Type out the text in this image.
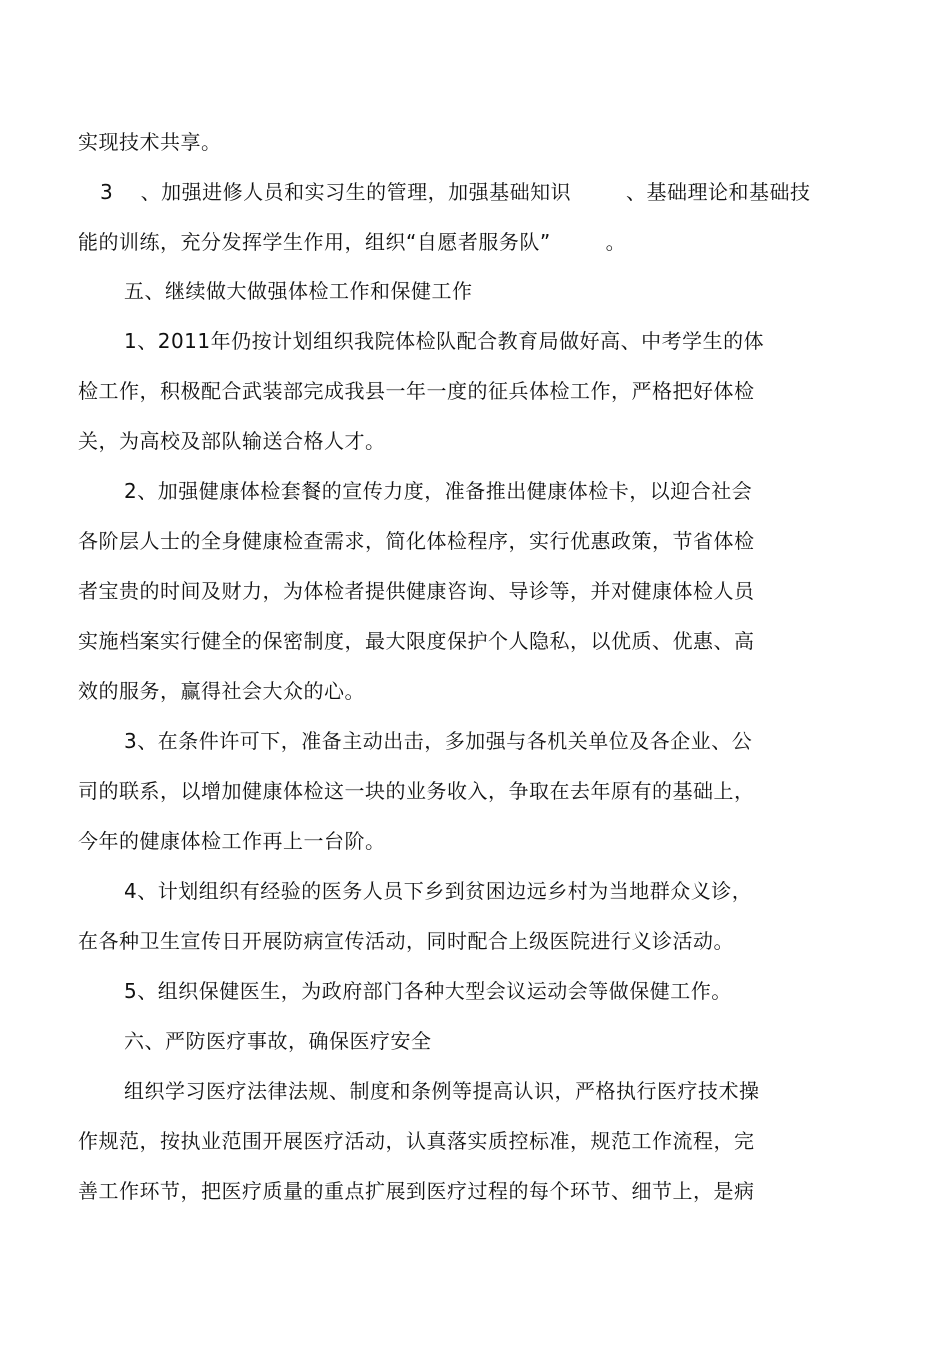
实现技术共享。
3    、加强进修人员和实习生的管理，加强基础知识        、基础理论和基础技
能的训练，充分发挥学生作用，组织“自愿者服务队”        。
五、继续做大做强体检工作和保健工作
1、2011年仍按计划组织我院体检队配合教育局做好高、中考学生的体
检工作，积极配合武装部完成我县一年一度的征兵体检工作，严格把好体检
关，为高校及部队输送合格人才。
2、加强健康体检套餐的宣传力度，准备推出健康体检卡，以迎合社会
各阶层人士的全身健康检查需求，简化体检程序，实行优惠政策，节省体检
者宝贵的时间及财力，为体检者提供健康咨询、导诊等，并对健康体检人员
实施档案实行健全的保密制度，最大限度保护个人隐私，以优质、优惠、高
效的服务，赢得社会大众的心。
3、在条件许可下，准备主动出击，多加强与各机关单位及各企业、公
司的联系，以增加健康体检这一块的业务收入，争取在去年原有的基础上，
今年的健康体检工作再上一台阶。
4、计划组织有经验的医务人员下乡到贫困边远乡村为当地群众义诊，
在各种卫生宣传日开展防病宣传活动，同时配合上级医院进行义诊活动。
5、组织保健医生，为政府部门各种大型会议运动会等做保健工作。
六、严防医疗事故，确保医疗安全
组织学习医疗法律法规、制度和条例等提高认识，严格执行医疗技术操
作规范，按执业范围开展医疗活动，认真落实质控标准，规范工作流程，完
善工作环节，把医疗质量的重点扩展到医疗过程的每个环节、细节上，是病
